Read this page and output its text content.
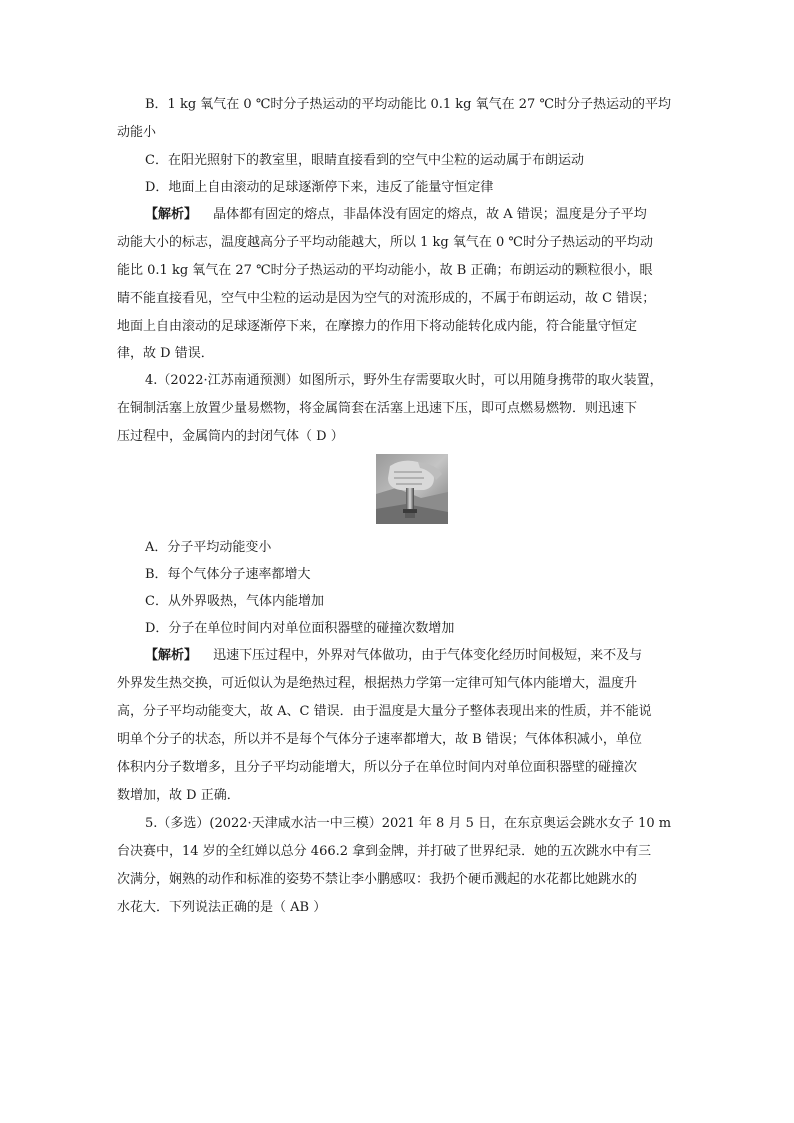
B．1 kg 氧气在 0 ℃时分子热运动的平均动能比 0.1 kg 氧气在 27 ℃时分子热运动的平均
动能小
C．在阳光照射下的教室里，眼睛直接看到的空气中尘粒的运动属于布朗运动
D．地面上自由滚动的足球逐渐停下来，违反了能量守恒定律
【解析】 晶体都有固定的熔点，非晶体没有固定的熔点，故 A 错误；温度是分子平均
动能大小的标志，温度越高分子平均动能越大，所以 1 kg 氧气在 0 ℃时分子热运动的平均动
能比 0.1 kg 氧气在 27 ℃时分子热运动的平均动能小，故 B 正确；布朗运动的颗粒很小，眼
睛不能直接看见，空气中尘粒的运动是因为空气的对流形成的，不属于布朗运动，故 C 错误；
地面上自由滚动的足球逐渐停下来，在摩擦力的作用下将动能转化成内能，符合能量守恒定
律，故 D 错误．
4.（2022·江苏南通预测）如图所示，野外生存需要取火时，可以用随身携带的取火装置，
在铜制活塞上放置少量易燃物，将金属筒套在活塞上迅速下压，即可点燃易燃物．则迅速下
压过程中，金属筒内的封闭气体（ D ）
A．分子平均动能变小
B．每个气体分子速率都增大
C．从外界吸热，气体内能增加
D．分子在单位时间内对单位面积器壁的碰撞次数增加
【解析】 迅速下压过程中，外界对气体做功，由于气体变化经历时间极短，来不及与
外界发生热交换，可近似认为是绝热过程，根据热力学第一定律可知气体内能增大，温度升
高，分子平均动能变大，故 A、C 错误．由于温度是大量分子整体表现出来的性质，并不能说
明单个分子的状态，所以并不是每个气体分子速率都增大，故 B 错误；气体体积减小，单位
体积内分子数增多，且分子平均动能增大，所以分子在单位时间内对单位面积器壁的碰撞次
数增加，故 D 正确．
5.（多选）(2022·天津咸水沽一中三模）2021 年 8 月 5 日，在东京奥运会跳水女子 10 m
台决赛中，14 岁的全红婵以总分 466.2 拿到金牌，并打破了世界纪录．她的五次跳水中有三
次满分，娴熟的动作和标准的姿势不禁让李小鹏感叹：我扔个硬币溅起的水花都比她跳水的
水花大．下列说法正确的是（ AB ）
